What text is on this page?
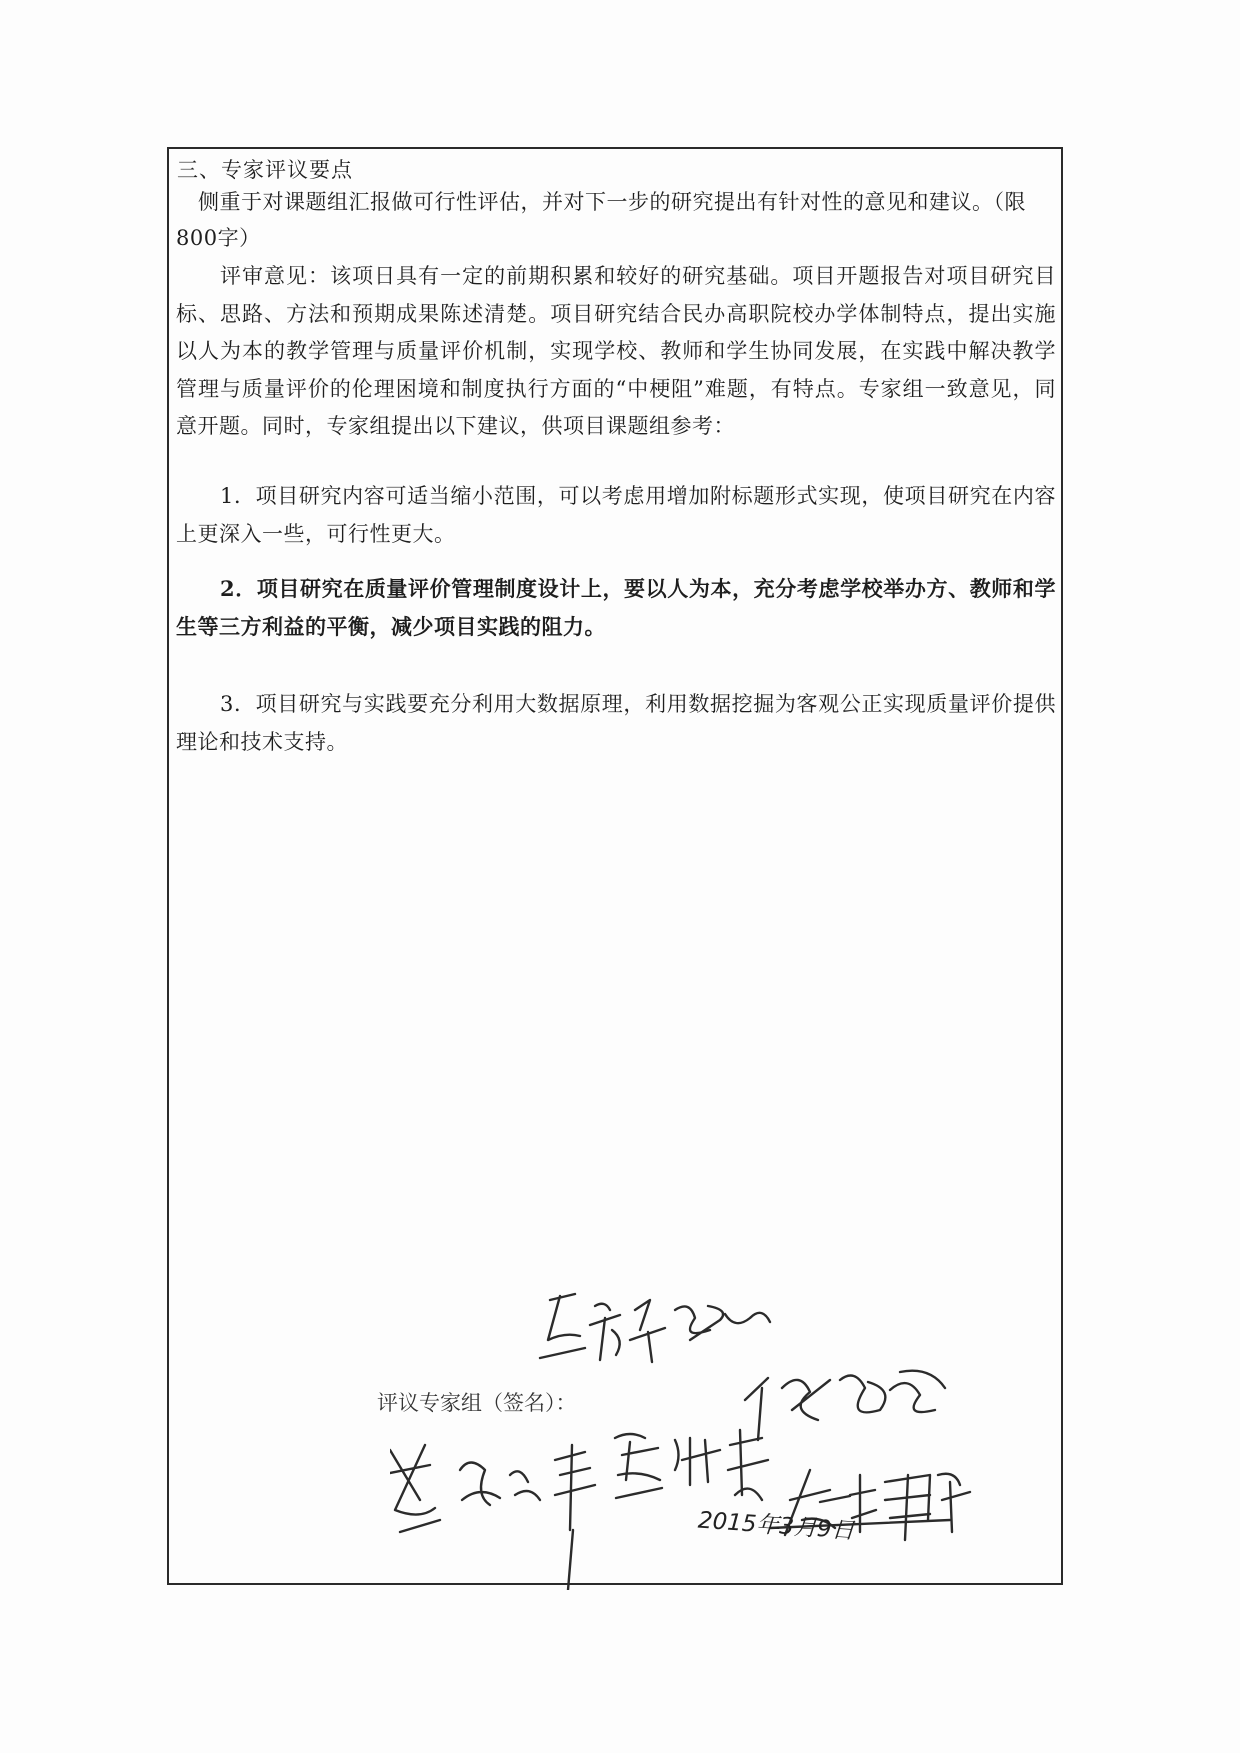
三、专家评议要点

侧重于对课题组汇报做可行性评估，并对下一步的研究提出有针对性的意见和建议。（限800字）

评审意见：该项日具有一定的前期积累和较好的研究基础。项目开题报告对项目研究目标、思路、方法和预期成果陈述清楚。项目研究结合民办高职院校办学体制特点，提出实施以人为本的教学管理与质量评价机制，实现学校、教师和学生协同发展，在实践中解决教学管理与质量评价的伦理困境和制度执行方面的“中梗阻”难题，有特点。专家组一致意见，同意开题。同时，专家组提出以下建议，供项目课题组参考：

1．项目研究内容可适当缩小范围，可以考虑用增加附标题形式实现，使项目研究在内容上更深入一些，可行性更大。

2．项目研究在质量评价管理制度设计上，要以人为本，充分考虑学校举办方、教师和学生等三方利益的平衡，减少项目实践的阻力。

3．项目研究与实践要充分利用大数据原理，利用数据挖掘为客观公正实现质量评价提供理论和技术支持。

评议专家组（签名）：
2015年3月9日
